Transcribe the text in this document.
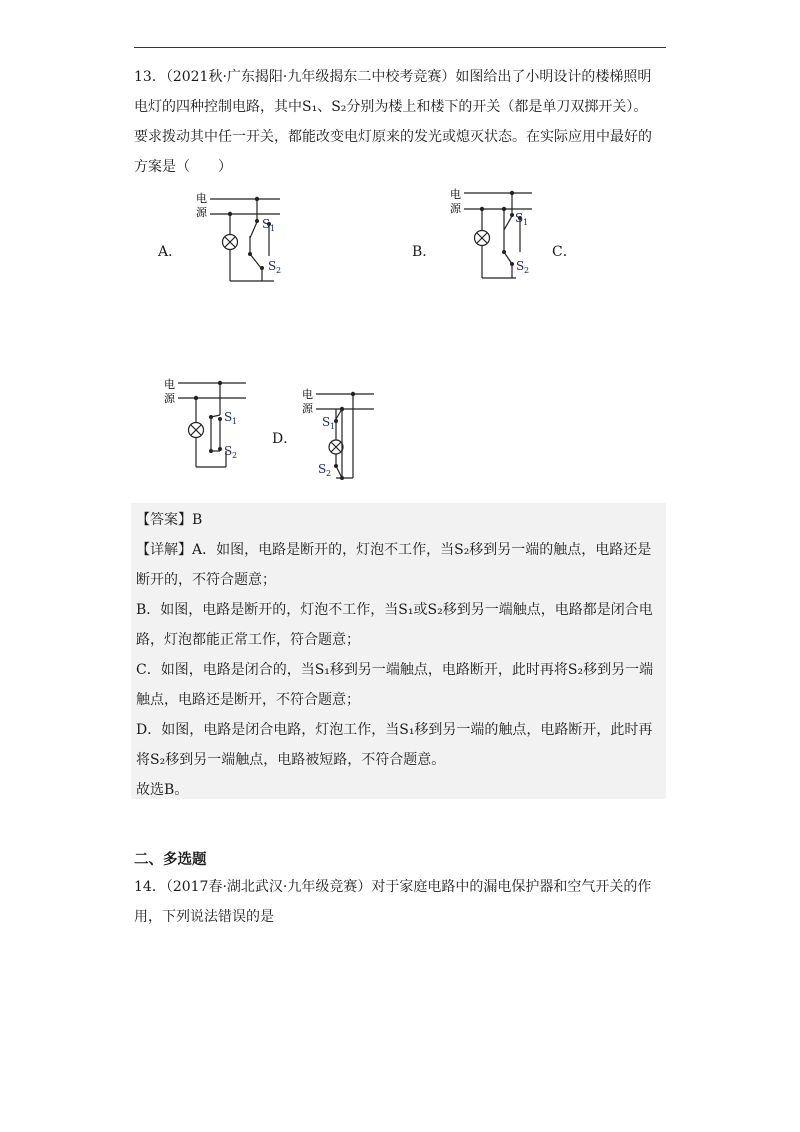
13．（2021秋·广东揭阳·九年级揭东二中校考竞赛）如图给出了小明设计的楼梯照明
电灯的四种控制电路，其中S₁、S₂分别为楼上和楼下的开关（都是单刀双掷开关）。
要求拨动其中任一开关，都能改变电灯原来的发光或熄灭状态。在实际应用中最好的
方案是（　　）
A．	B．	C．
D．
电
源
S 1
S 2
电
源
S 1
S 2
电
源
S 1
S 2
电
源
S 1
S 2
【答案】B
【详解】A．如图，电路是断开的，灯泡不工作，当S₂移到另一端的触点，电路还是
断开的，不符合题意；
B．如图，电路是断开的，灯泡不工作，当S₁或S₂移到另一端触点，电路都是闭合电
路，灯泡都能正常工作，符合题意；
C．如图，电路是闭合的，当S₁移到另一端触点，电路断开，此时再将S₂移到另一端
触点，电路还是断开，不符合题意；
D．如图，电路是闭合电路，灯泡工作，当S₁移到另一端的触点，电路断开，此时再
将S₂移到另一端触点，电路被短路，不符合题意。
故选B。
二、多选题
14．（2017春·湖北武汉·九年级竞赛）对于家庭电路中的漏电保护器和空气开关的作
用，下列说法错误的是
